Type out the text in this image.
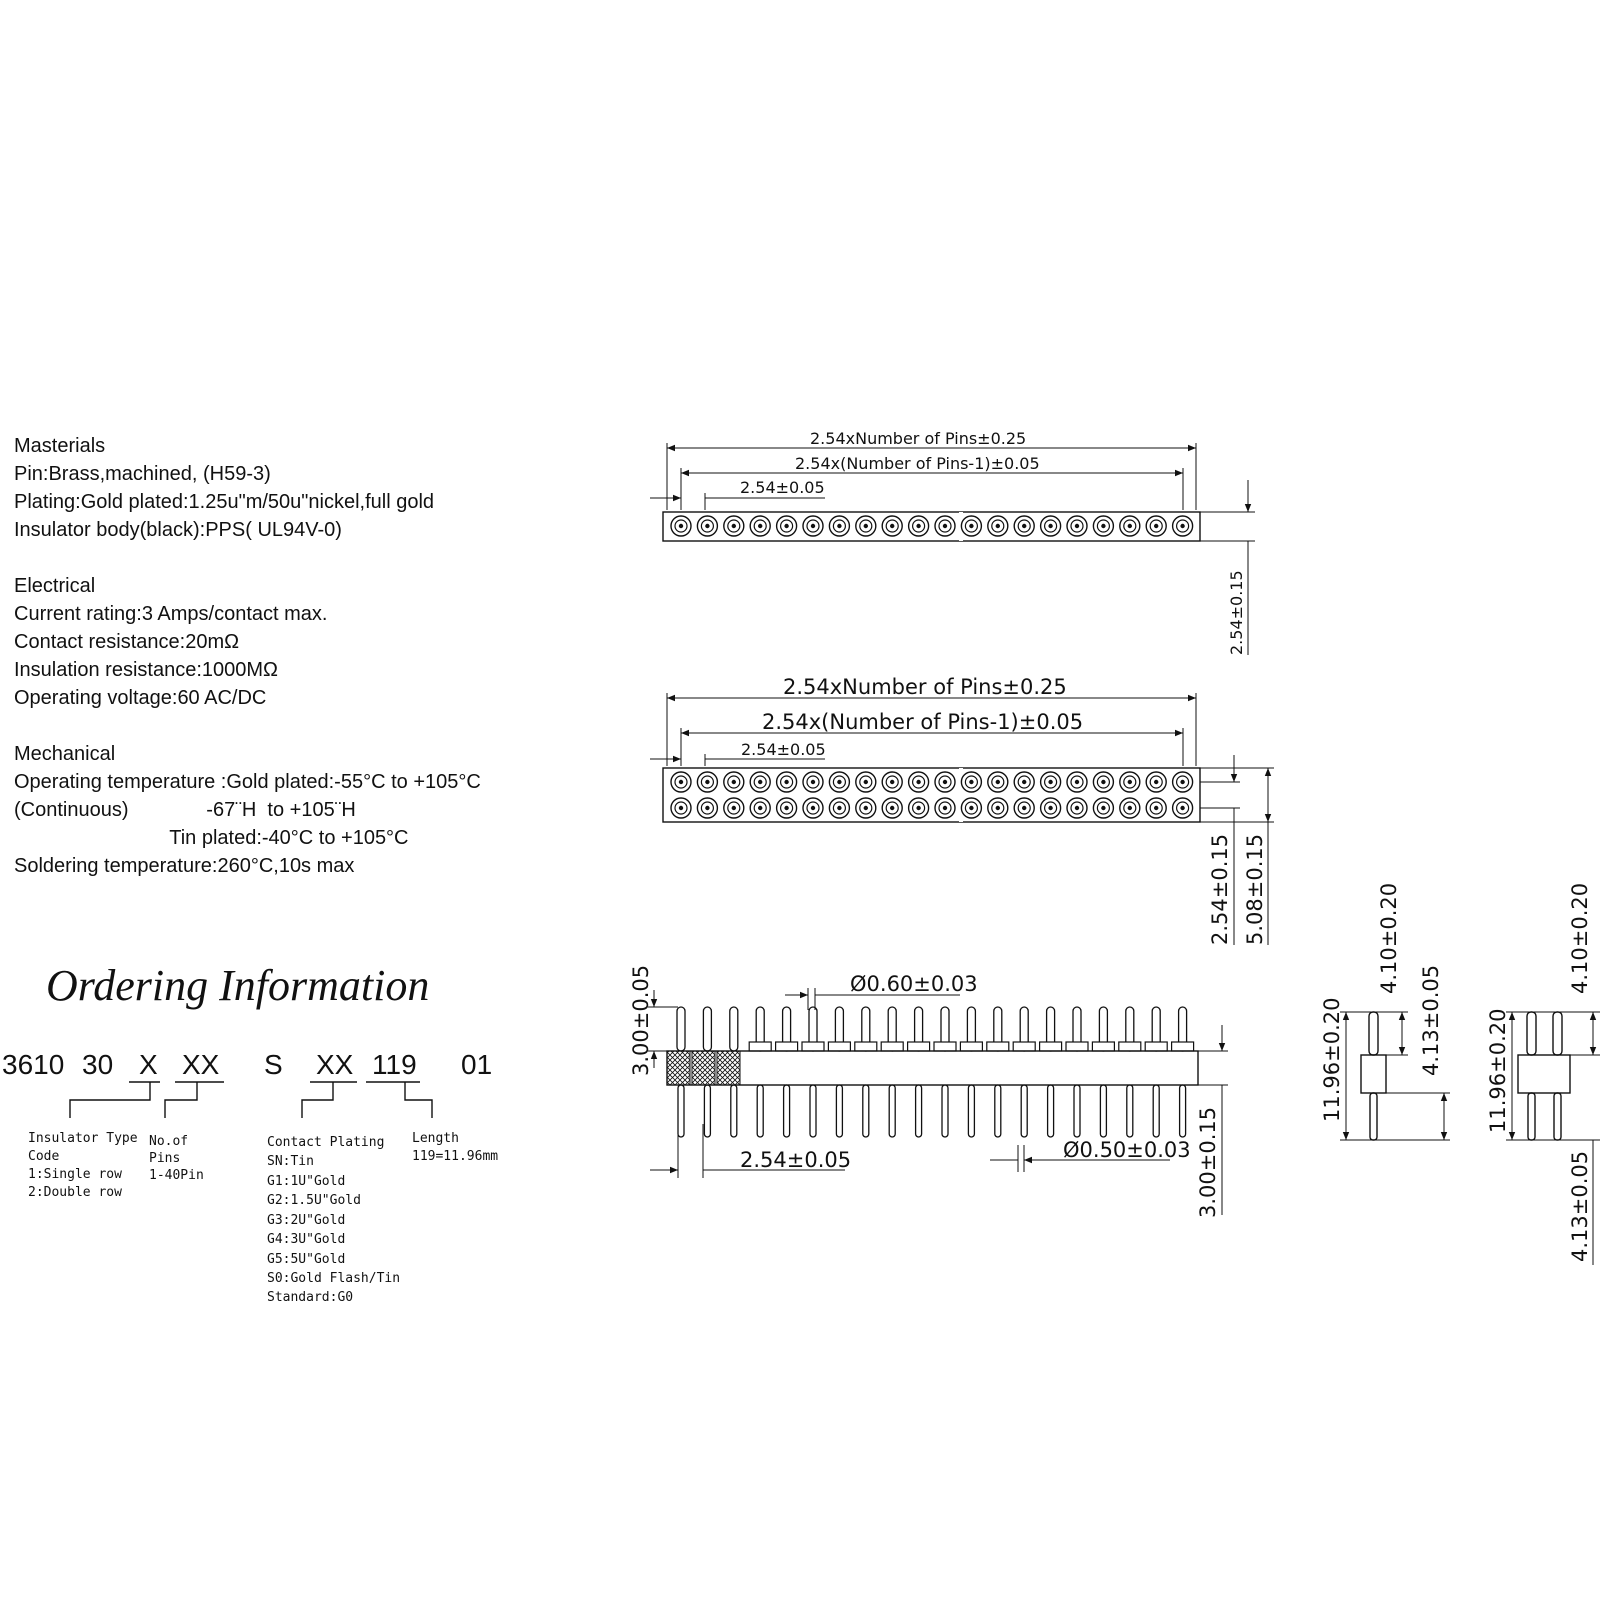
Masterials
Pin:Brass,machined, (H59-3)
Plating:Gold plated:1.25u"m/50u"nickel,full gold
Insulator body(black):PPS( UL94V-0)
Electrical
Current rating:3 Amps/contact max.
Contact resistance:20mΩ
Insulation resistance:1000MΩ
Operating voltage:60 AC/DC
Mechanical
Operating temperature :Gold plated:-55°C to +105°C
(Continuous)              -67¨H  to +105¨H
Tin plated:-40°C to +105°C
Soldering temperature:260°C,10s max
Ordering Information
3610 30 X XX S XX 119 01
Insulator Type
Code
1:Single row
2:Double row
No.of
Pins
1-40Pin
Contact Plating
SN:Tin
G1:1U"Gold
G2:1.5U"Gold
G3:2U"Gold
G4:3U"Gold
G5:5U"Gold
S0:Gold Flash/Tin
Standard:G0
Length
119=11.96mm
2.54xNumber of Pins±0.25
2.54x(Number of Pins-1)±0.05
2.54±0.05
2.54±0.15
2.54xNumber of Pins±0.25
2.54x(Number of Pins-1)±0.05
2.54±0.05
2.54±0.15 5.08±0.15
Ø0.60±0.03
Ø0.50±0.03
2.54±0.05
3.00±0.05
3.00±0.15
11.96±0.20
4.10±0.20
4.13±0.05 11.96±0.20
4.10±0.20
4.13±0.05
